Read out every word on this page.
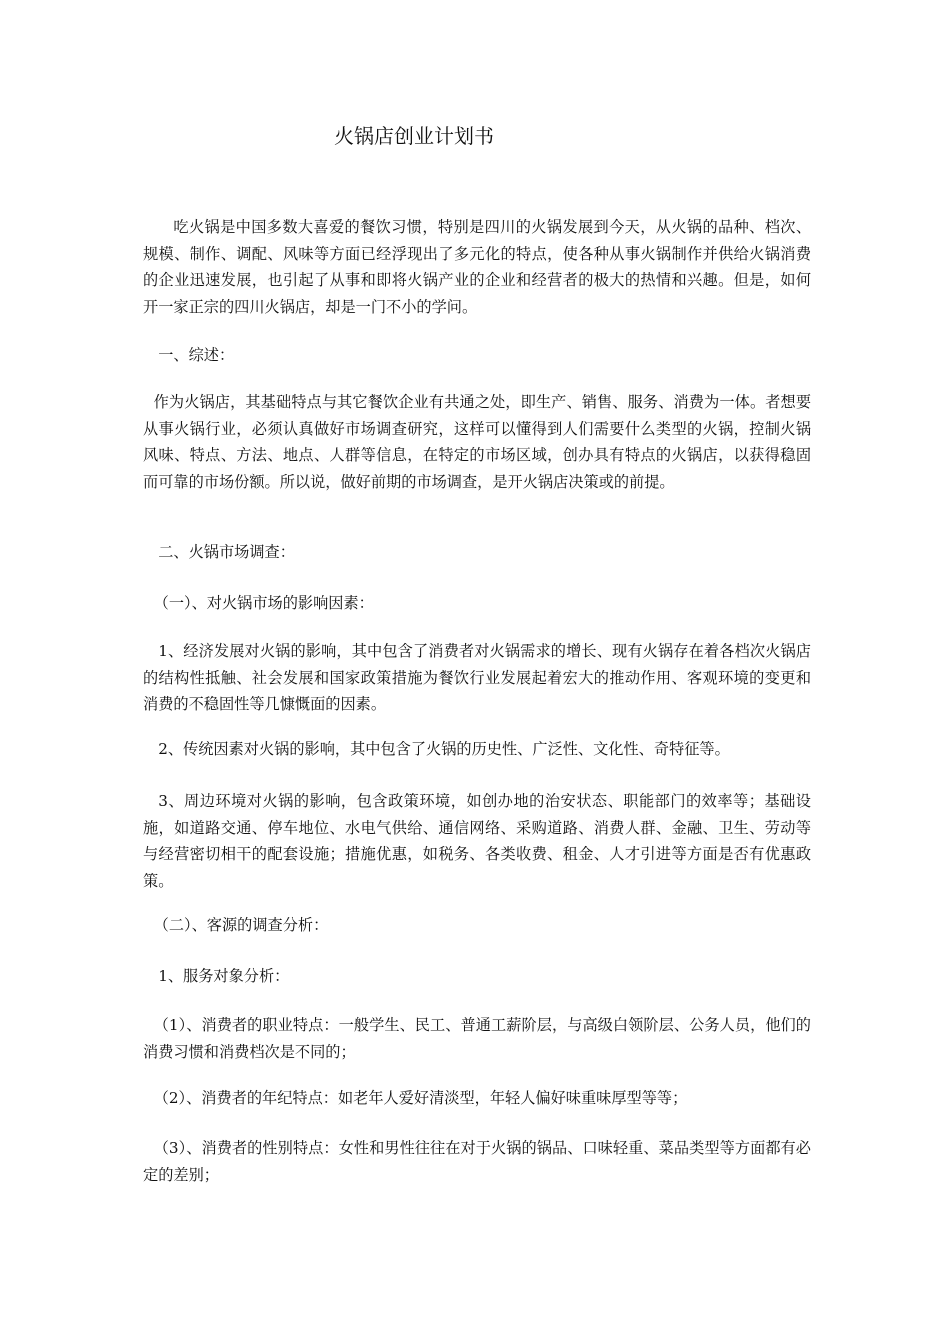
火锅店创业计划书
吃火锅是中国多数大喜爱的餐饮习惯，特别是四川的火锅发展到今天，从火锅的品种、档次、规模、制作、调配、风味等方面已经浮现出了多元化的特点，使各种从事火锅制作并供给火锅消费的企业迅速发展，也引起了从事和即将火锅产业的企业和经营者的极大的热情和兴趣。但是，如何开一家正宗的四川火锅店，却是一门不小的学问。
一、综述：
作为火锅店，其基础特点与其它餐饮企业有共通之处，即生产、销售、服务、消费为一体。者想要从事火锅行业，必须认真做好市场调查研究，这样可以懂得到人们需要什么类型的火锅，控制火锅风味、特点、方法、地点、人群等信息，在特定的市场区域，创办具有特点的火锅店，以获得稳固而可靠的市场份额。所以说，做好前期的市场调查，是开火锅店决策或的前提。
二、火锅市场调查：
（一）、对火锅市场的影响因素：
1、经济发展对火锅的影响，其中包含了消费者对火锅需求的增长、现有火锅存在着各档次火锅店的结构性抵触、社会发展和国家政策措施为餐饮行业发展起着宏大的推动作用、客观环境的变更和消费的不稳固性等几慷慨面的因素。
2、传统因素对火锅的影响，其中包含了火锅的历史性、广泛性、文化性、奇特征等。
3、周边环境对火锅的影响，包含政策环境，如创办地的治安状态、职能部门的效率等；基础设施，如道路交通、停车地位、水电气供给、通信网络、采购道路、消费人群、金融、卫生、劳动等与经营密切相干的配套设施；措施优惠，如税务、各类收费、租金、人才引进等方面是否有优惠政策。
（二）、客源的调查分析：
1、服务对象分析：
（1）、消费者的职业特点：一般学生、民工、普通工薪阶层，与高级白领阶层、公务人员，他们的消费习惯和消费档次是不同的；
（2）、消费者的年纪特点：如老年人爱好清淡型，年轻人偏好味重味厚型等等；
（3）、消费者的性别特点：女性和男性往往在对于火锅的锅品、口味轻重、菜品类型等方面都有必定的差别；
